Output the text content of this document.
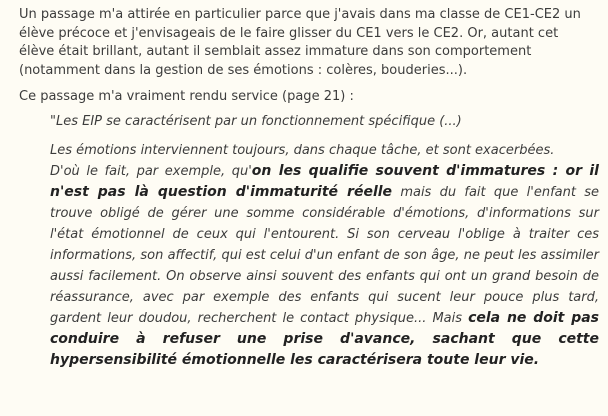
Un passage m'a attirée en particulier parce que j'avais dans ma classe de CE1-CE2 un
élève précoce et j'envisageais de le faire glisser du CE1 vers le CE2. Or, autant cet
élève était brillant, autant il semblait assez immature dans son comportement
(notamment dans la gestion de ses émotions : colères, bouderies...).

Ce passage m'a vraiment rendu service (page 21) :

"Les EIP se caractérisent par un fonctionnement spécifique (...)

Les émotions interviennent toujours, dans chaque tâche, et sont exacerbées.
D'où le fait, par exemple, qu'on les qualifie souvent d'immatures : or il n'est pas là question d'immaturité réelle mais du fait que l'enfant se trouve obligé de gérer une somme considérable d'émotions, d'informations sur l'état émotionnel de ceux qui l'entourent. Si son cerveau l'oblige à traiter ces informations, son affectif, qui est celui d'un enfant de son âge, ne peut les assimiler aussi facilement. On observe ainsi souvent des enfants qui ont un grand besoin de réassurance, avec par exemple des enfants qui sucent leur pouce plus tard, gardent leur doudou, recherchent le contact physique... Mais cela ne doit pas conduire à refuser une prise d'avance, sachant que cette hypersensibilité émotionnelle les caractérisera toute leur vie.
